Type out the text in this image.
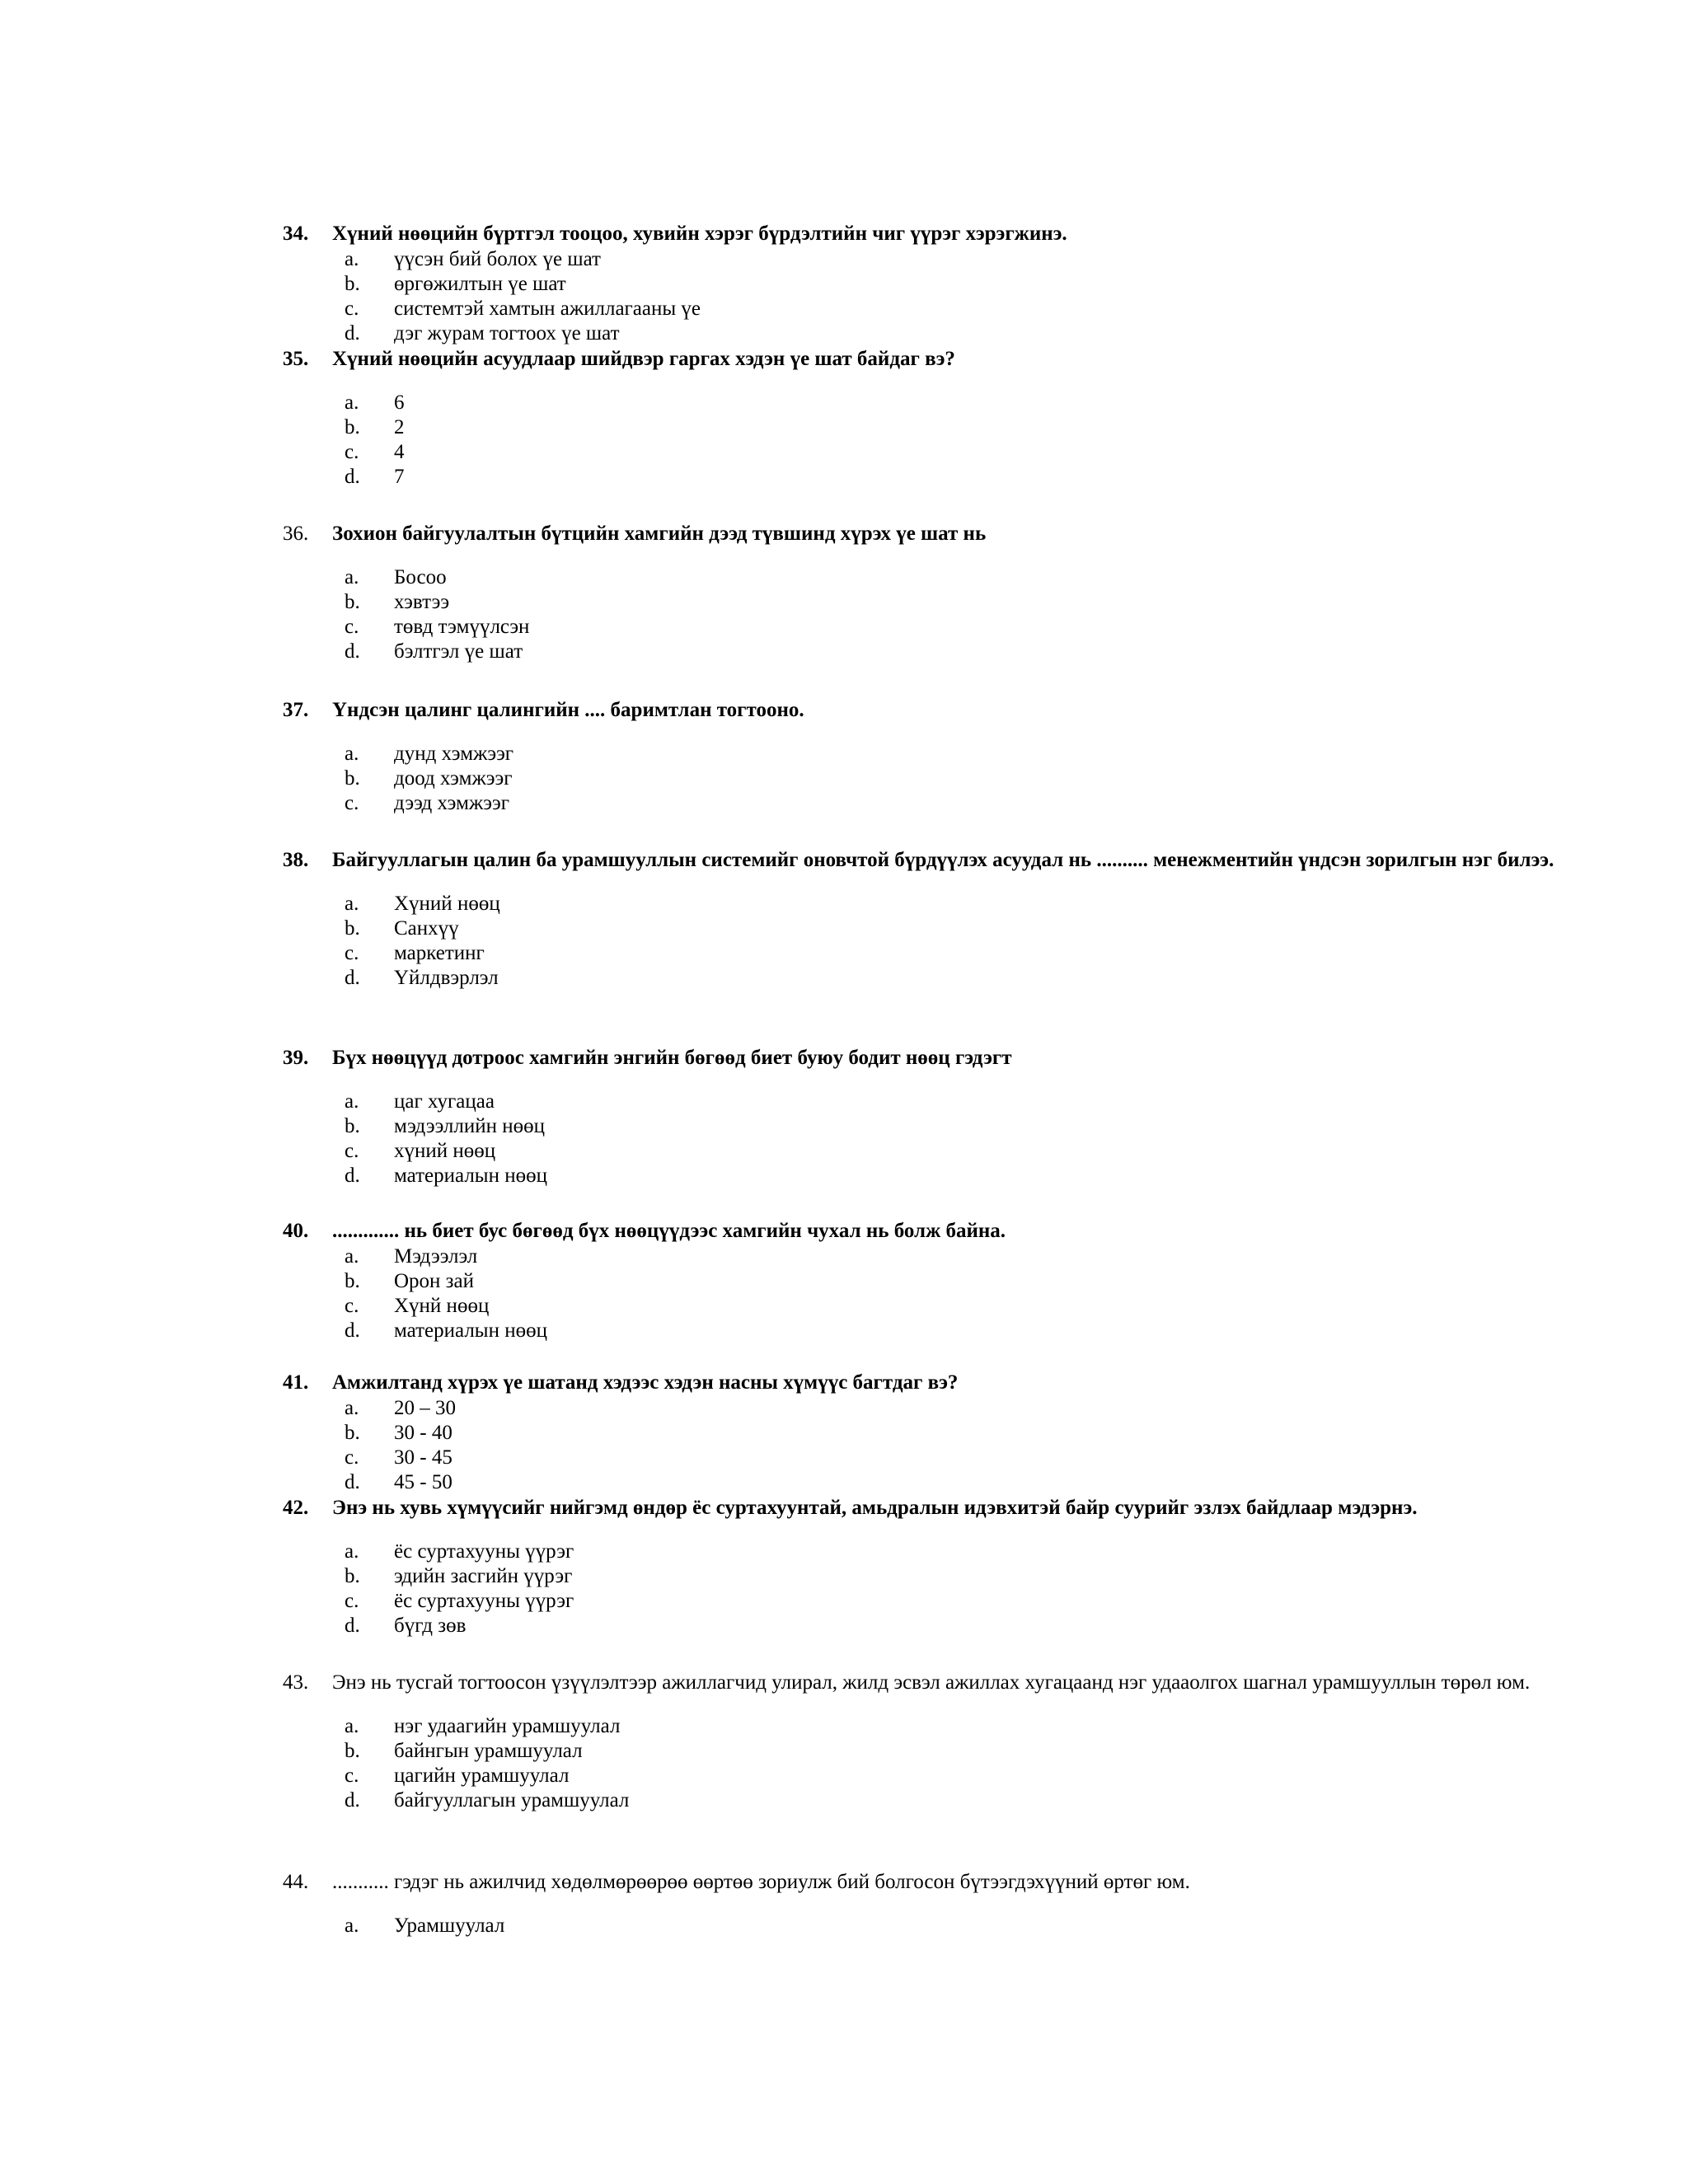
34. Хүний нөөцийн бүртгэл тооцоо, хувийн хэрэг бүрдэлтийн чиг үүрэг хэрэгжинэ.
a. үүсэн бий болох үе шат
b. өргөжилтын үе шат
c. системтэй хамтын ажиллагааны үе
d. дэг журам тогтоох үе шат
35. Хүний нөөцийн асуудлаар шийдвэр гаргах хэдэн үе шат байдаг вэ?
a. 6
b. 2
c. 4
d. 7
36. Зохион байгуулалтын бүтцийн хамгийн дээд түвшинд хүрэх үе шат нь
a. Босоо
b. хэвтээ
c. төвд тэмүүлсэн
d. бэлтгэл үе шат
37. Үндсэн цалинг цалингийн .... баримтлан тогтооно.
a. дунд хэмжээг
b. доод хэмжээг
c. дээд хэмжээг
38. Байгууллагын цалин ба урамшууллын системийг оновчтой бүрдүүлэх асуудал нь .......... менежментийн үндсэн зорилгын нэг билээ.
a. Хүний нөөц
b. Санхүү
c. маркетинг
d. Үйлдвэрлэл
39. Бүх нөөцүүд дотроос хамгийн энгийн бөгөөд биет буюу бодит нөөц гэдэгт
a. цаг хугацаа
b. мэдээллийн нөөц
c. хүний нөөц
d. материалын нөөц
40. ............. нь биет бус бөгөөд бүх нөөцүүдээс хамгийн чухал нь болж байна.
a. Мэдээлэл
b. Орон зай
c. Хүнй нөөц
d. материалын нөөц
41. Амжилтанд хүрэх үе шатанд хэдээс хэдэн насны хүмүүс багтдаг вэ?
a. 20 – 30
b. 30 - 40
c. 30 - 45
d. 45 - 50
42. Энэ нь хувь хүмүүсийг нийгэмд өндөр ёс суртахуунтай, амьдралын идэвхитэй байр суурийг эзлэх байдлаар мэдэрнэ.
a. ёс суртахууны үүрэг
b. эдийн засгийн үүрэг
c. ёс суртахууны үүрэг
d. бүгд зөв
43. Энэ нь тусгай тогтоосон үзүүлэлтээр ажиллагчид улирал, жилд эсвэл ажиллах хугацаанд нэг удааолгох шагнал урамшууллын төрөл юм.
a. нэг удаагийн урамшуулал
b. байнгын урамшуулал
c. цагийн урамшуулал
d. байгууллагын урамшуулал
44. ........... гэдэг нь ажилчид хөдөлмөрөөрөө өөртөө зориулж бий болгосон бүтээгдэхүүний өртөг юм.
a. Урамшуулал
